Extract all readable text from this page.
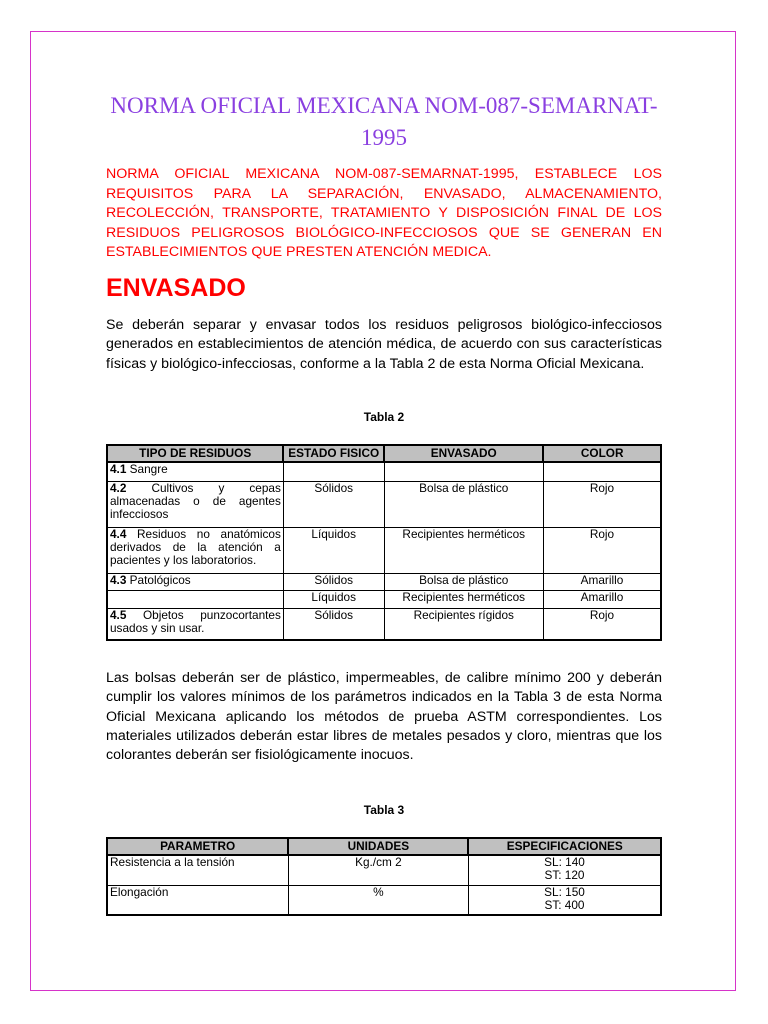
NORMA OFICIAL MEXICANA NOM-087-SEMARNAT-1995
NORMA OFICIAL MEXICANA NOM-087-SEMARNAT-1995, ESTABLECE LOS REQUISITOS PARA LA SEPARACIÓN, ENVASADO, ALMACENAMIENTO, RECOLECCIÓN, TRANSPORTE, TRATAMIENTO Y DISPOSICIÓN FINAL DE LOS RESIDUOS PELIGROSOS BIOLÓGICO-INFECCIOSOS QUE SE GENERAN EN ESTABLECIMIENTOS QUE PRESTEN ATENCIÓN MEDICA.
ENVASADO
Se deberán separar y envasar todos los residuos peligrosos biológico-infecciosos generados en establecimientos de atención médica, de acuerdo con sus características físicas y biológico-infecciosas, conforme a la Tabla 2 de esta Norma Oficial Mexicana.
Tabla 2
TIPO DE RESIDUOS	ESTADO FISICO	ENVASADO	COLOR
4.1 Sangre			
4.2 Cultivos y cepas almacenadas o de agentes infecciosos	Sólidos	Bolsa de plástico	Rojo
4.4 Residuos no anatómicos derivados de la atención a pacientes y los laboratorios.	Líquidos	Recipientes herméticos	Rojo
4.3 Patológicos	Sólidos	Bolsa de plástico	Amarillo
	Líquidos	Recipientes herméticos	Amarillo
4.5 Objetos punzocortantes usados y sin usar.	Sólidos	Recipientes rígidos	Rojo
Las bolsas deberán ser de plástico, impermeables, de calibre mínimo 200 y deberán cumplir los valores mínimos de los parámetros indicados en la Tabla 3 de esta Norma Oficial Mexicana aplicando los métodos de prueba ASTM correspondientes. Los materiales utilizados deberán estar libres de metales pesados y cloro, mientras que los colorantes deberán ser fisiológicamente inocuos.
Tabla 3
PARAMETRO	UNIDADES	ESPECIFICACIONES
Resistencia a la tensión	Kg./cm 2	SL: 140
ST: 120

Elongación	%	SL: 150
ST: 400
